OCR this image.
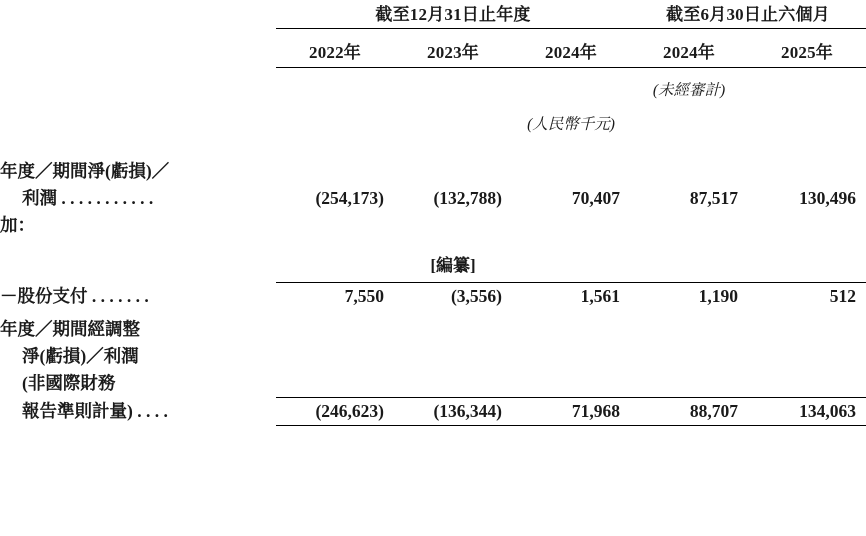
	截至12月31日止年度			截至6月30日止六個月	

	2022年	2023年	2024年	2024年	2025年
				(未經審計)	
			(人民幣千元)		

年度／期間淨(虧損)／					
利潤 . . . . . . . . . . .	(254,173)	(132,788)	70,407	87,517	130,496
加：					

		[編纂]			

－股份支付 . . . . . . .	7,550	(3,556)	1,561	1,190	512

年度／期間經調整					
淨(虧損)／利潤					
(非國際財務					
報告準則計量) . . . .	(246,623)	(136,344)	71,968	88,707	134,063
